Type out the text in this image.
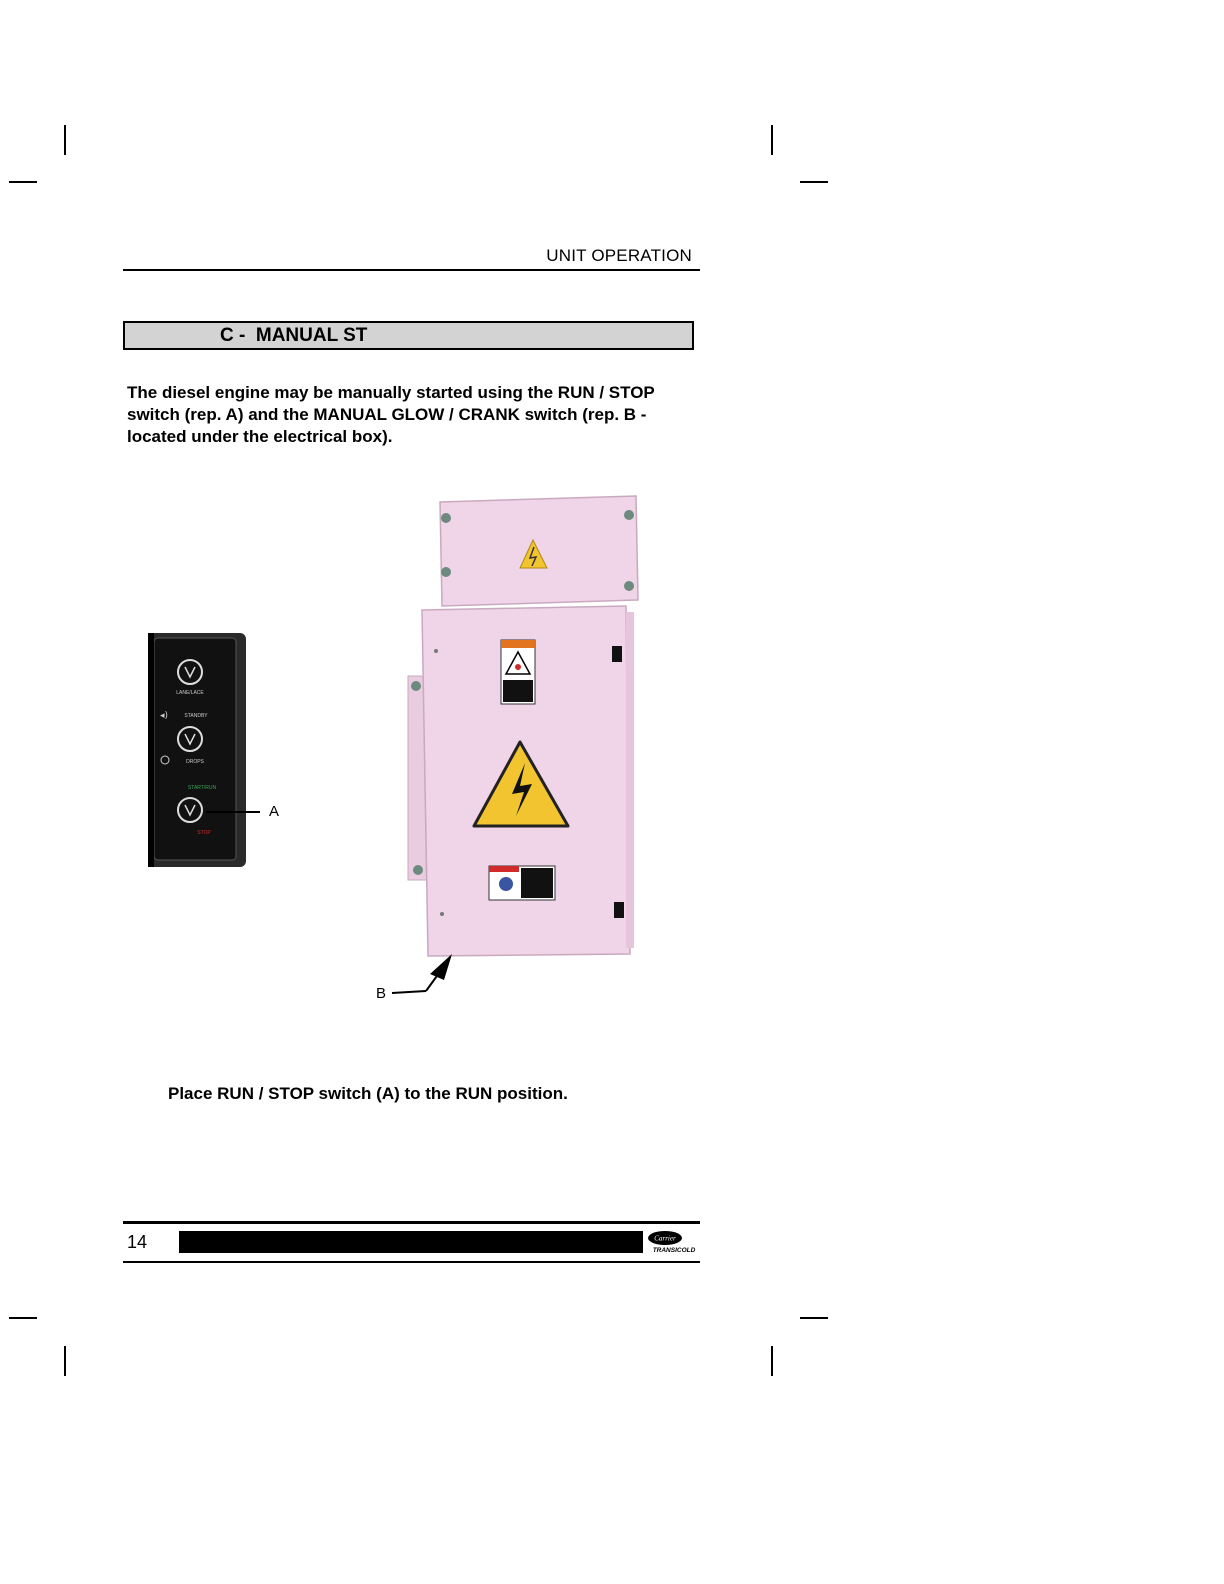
UNIT OPERATION
C -  MANUAL ST
The diesel engine may be manually started using the RUN / STOP switch (rep. A) and the MANUAL GLOW / CRANK switch (rep. B - located under the electrical box).
LANE/LACE
◂)	STANDBY
DROPS
START/RUN
STOP
A
B
Place RUN / STOP switch (A) to the RUN position.
14	Carrier
TRANSICOLD
